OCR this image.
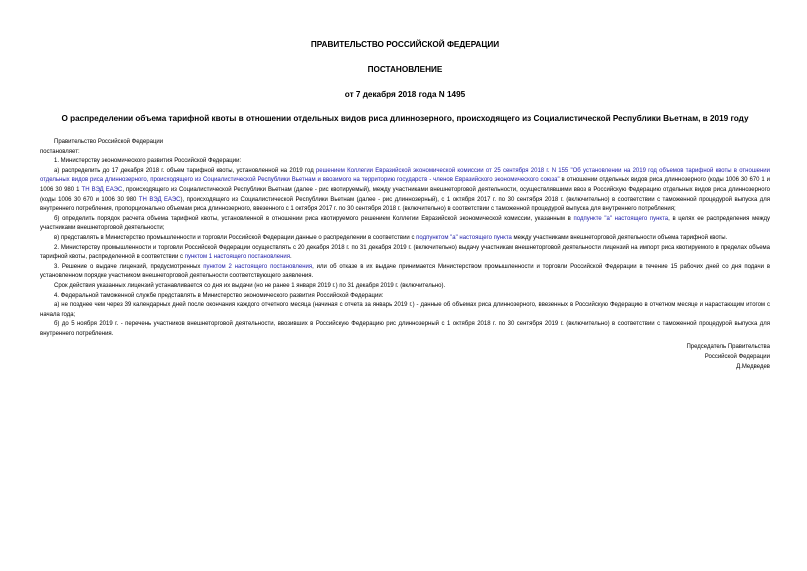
ПРАВИТЕЛЬСТВО РОССИЙСКОЙ ФЕДЕРАЦИИ
ПОСТАНОВЛЕНИЕ
от 7 декабря 2018 года N 1495
О распределении объема тарифной квоты в отношении отдельных видов риса длиннозерного, происходящего из Социалистической Республики Вьетнам, в 2019 году

Правительство Российской Федерации

постановляет:

1. Министерству экономического развития Российской Федерации:

а) распределить до 17 декабря 2018 г. объем тарифной квоты, установленной на 2019 год решением Коллегии Евразийской экономической комиссии от 25 сентября 2018 г. N 155 "Об установлении на 2019 год объемов тарифной квоты в отношении отдельных видов риса длиннозерного, происходящего из Социалистической Республики Вьетнам и ввозимого на территорию государств - членов Евразийского экономического союза" в отношении отдельных видов риса длиннозерного (коды 1006 30 670 1 и 1006 30 980 1 ТН ВЭД ЕАЭС, происходящего из Социалистической Республики Вьетнам (далее - рис квотируемый), между участниками внешнеторговой деятельности, осуществлявшими ввоз в Российскую Федерацию отдельных видов риса длиннозерного (коды 1006 30 670 и 1006 30 980 ТН ВЭД ЕАЭС), происходящего из Социалистической Республики Вьетнам (далее - рис длиннозерный), с 1 октября 2017 г. по 30 сентября 2018 г. (включительно) в соответствии с таможенной процедурой выпуска для внутреннего потребления, пропорционально объемам риса длиннозерного, ввезенного с 1 октября 2017 г. по 30 сентября 2018 г. (включительно) в соответствии с таможенной процедурой выпуска для внутреннего потребления;

б) определить порядок расчета объема тарифной квоты, установленной в отношении риса квотируемого решением Коллегии Евразийской экономической комиссии, указанным в подпункте "а" настоящего пункта, в целях ее распределения между участниками внешнеторговой деятельности;

в) представлять в Министерство промышленности и торговли Российской Федерации данные о распределении в соответствии с подпунктом "а" настоящего пункта между участниками внешнеторговой деятельности объема тарифной квоты.

2. Министерству промышленности и торговли Российской Федерации осуществлять с 20 декабря 2018 г. по 31 декабря 2019 г. (включительно) выдачу участникам внешнеторговой деятельности лицензий на импорт риса квотируемого в пределах объема тарифной квоты, распределенной в соответствии с пунктом 1 настоящего постановления.

3. Решение о выдаче лицензий, предусмотренных пунктом 2 настоящего постановления, или об отказе в их выдаче принимается Министерством промышленности и торговли Российской Федерации в течение 15 рабочих дней со дня подачи в установленном порядке участником внешнеторговой деятельности соответствующего заявления.

Срок действия указанных лицензий устанавливается со дня их выдачи (но не ранее 1 января 2019 г.) по 31 декабря 2019 г. (включительно).

4. Федеральной таможенной службе представлять в Министерство экономического развития Российской Федерации:

а) не позднее чем через 39 календарных дней после окончания каждого отчетного месяца (начиная с отчета за январь 2019 г.) - данные об объемах риса длиннозерного, ввезенных в Российскую Федерацию в отчетном месяце и нарастающим итогом с начала года;

б) до 5 ноября 2019 г. - перечень участников внешнеторговой деятельности, ввозивших в Российскую Федерацию рис длиннозерный с 1 октября 2018 г. по 30 сентября 2019 г. (включительно) в соответствии с таможенной процедурой выпуска для внутреннего потребления.

Председатель Правительства
Российской Федерации
Д.Медведев
